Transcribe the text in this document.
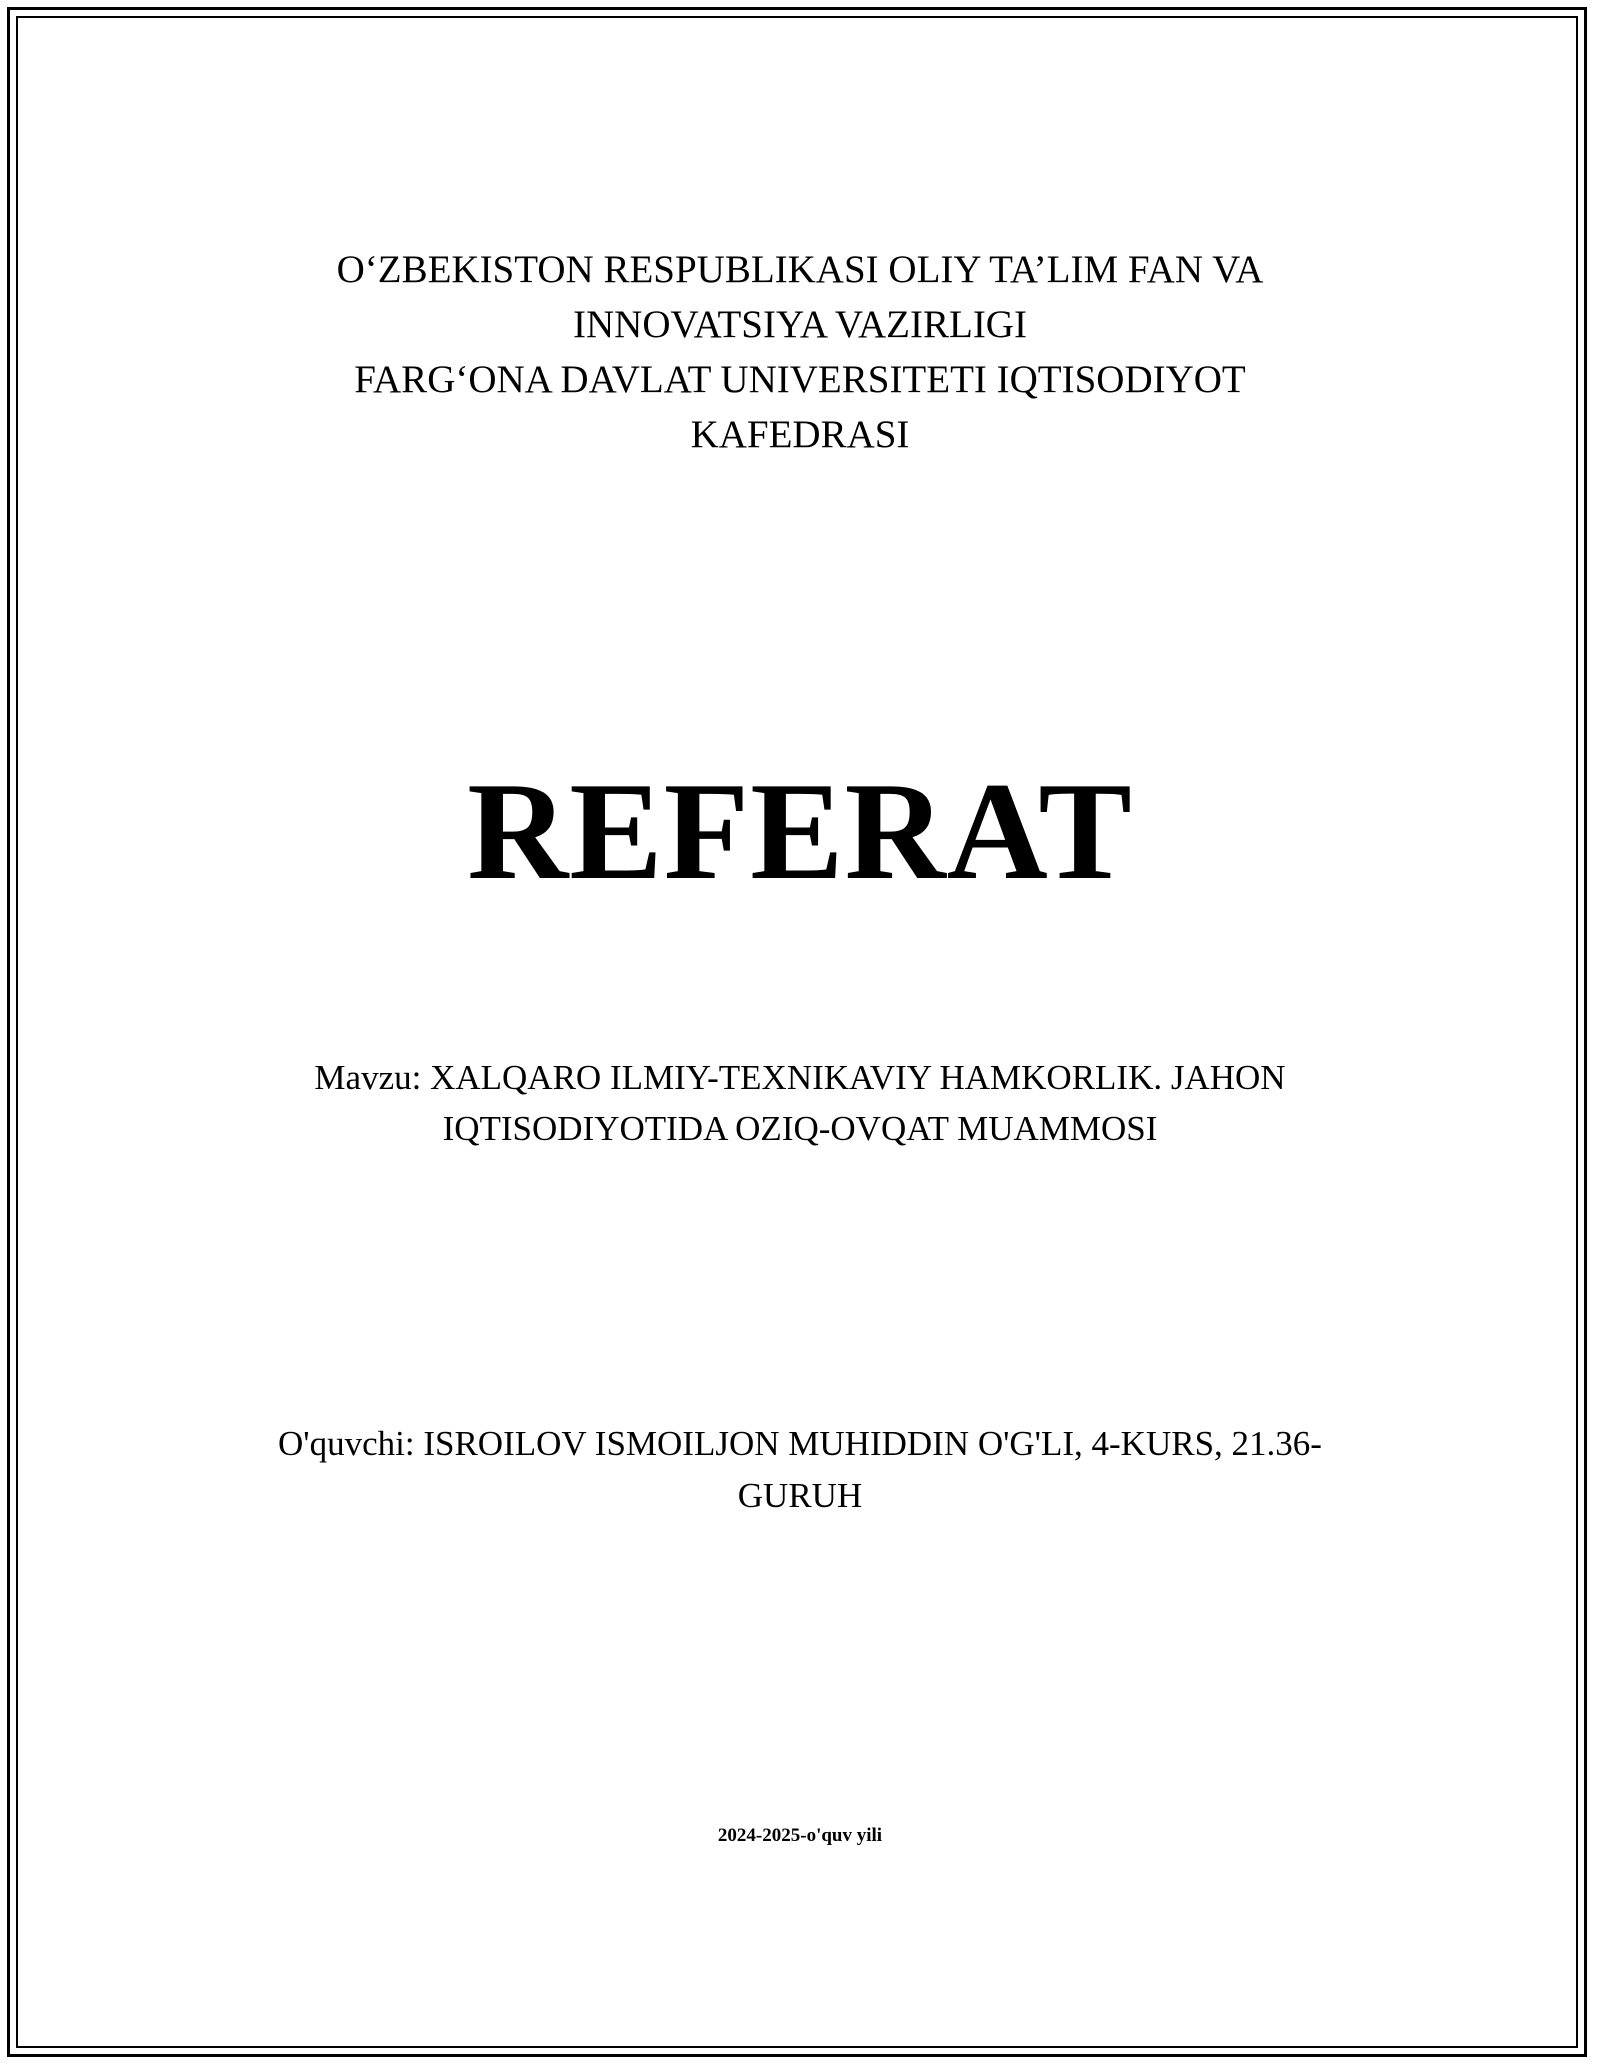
O‘ZBEKISTON RESPUBLIKASI OLIY TA’LIM FAN VA
INNOVATSIYA VAZIRLIGI
FARG‘ONA DAVLAT UNIVERSITETI IQTISODIYOT
KAFEDRASI
REFERAT
Mavzu: XALQARO ILMIY-TEXNIKAVIY HAMKORLIK. JAHON
IQTISODIYOTIDA OZIQ-OVQAT MUAMMOSI
O'quvchi: ISROILOV ISMOILJON MUHIDDIN O'G'LI, 4-KURS, 21.36-
GURUH
2024-2025-o'quv yili
